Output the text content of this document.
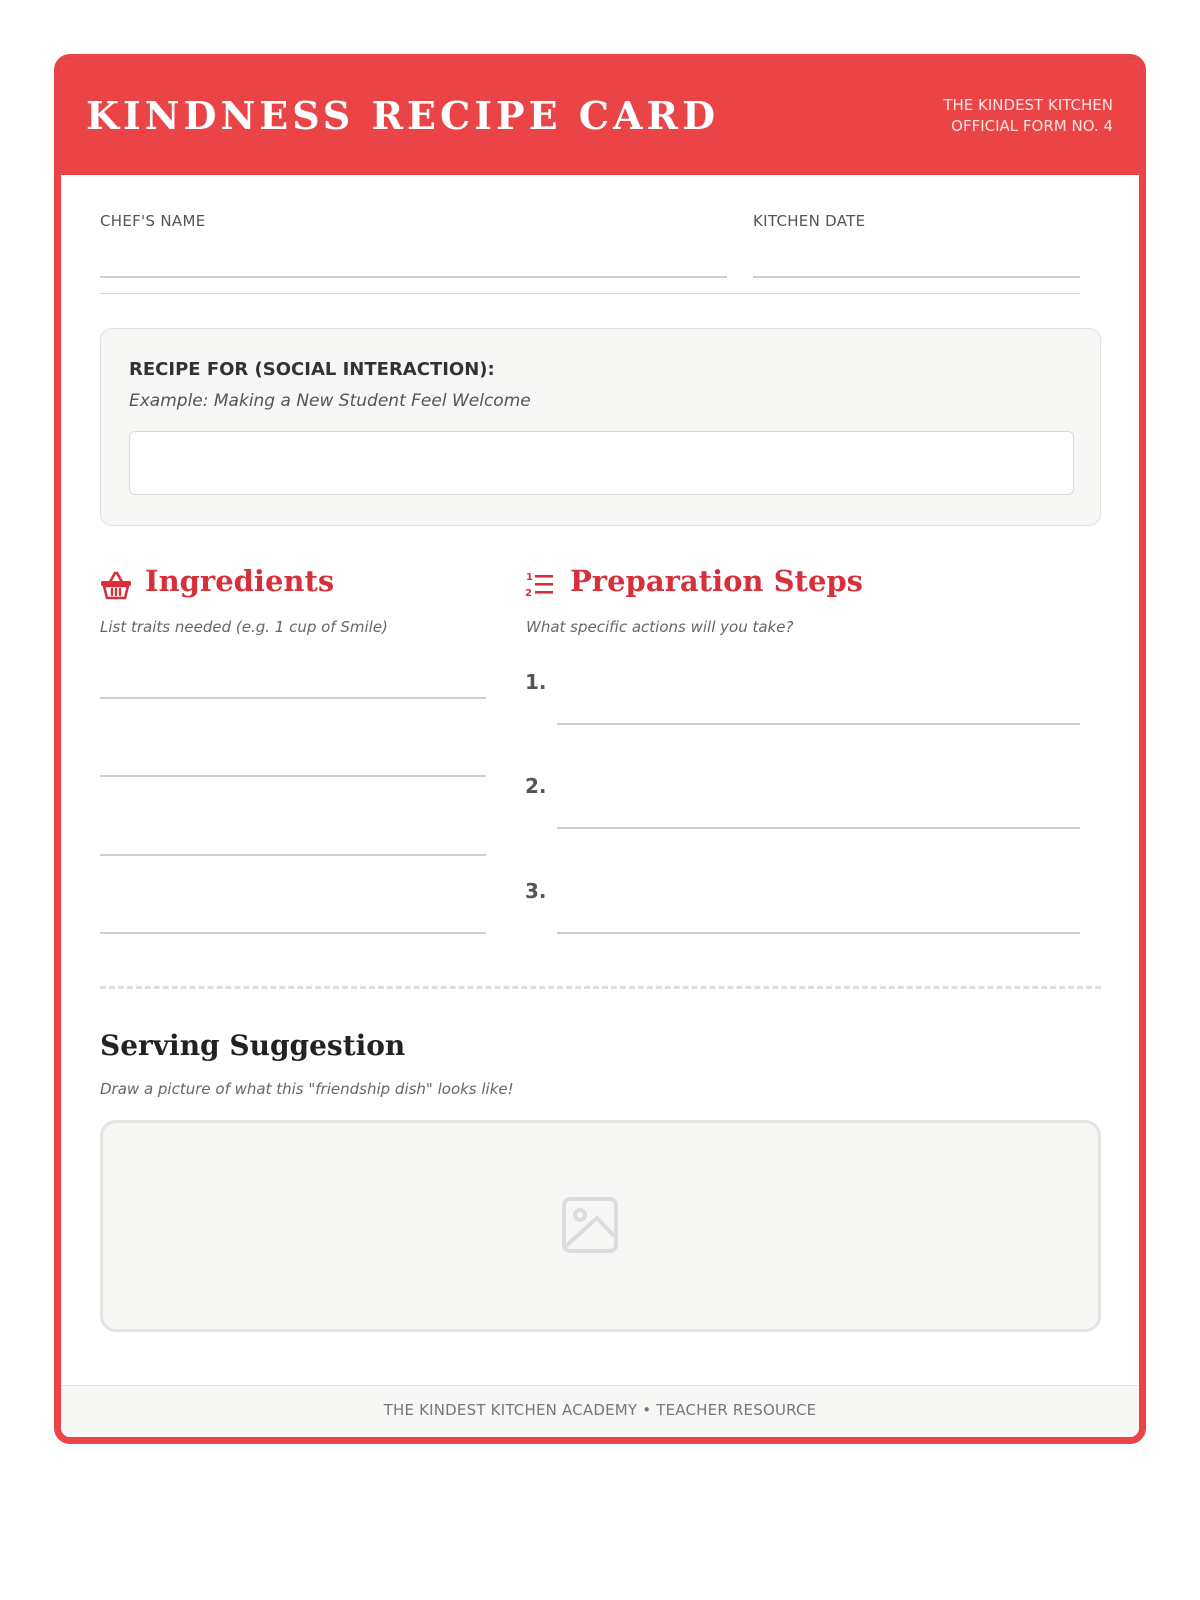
KINDNESS RECIPE CARD	THE KINDEST KITCHEN
OFFICIAL FORM NO. 4
CHEF'S NAME	KITCHEN DATE
RECIPE FOR (SOCIAL INTERACTION):
Example: Making a New Student Feel Welcome
Ingredients
List traits needed (e.g. 1 cup of Smile)
1
2 Preparation Steps
What specific actions will you take?
1.
2.
3.
Serving Suggestion
Draw a picture of what this "friendship dish" looks like!
THE KINDEST KITCHEN ACADEMY • TEACHER RESOURCE
